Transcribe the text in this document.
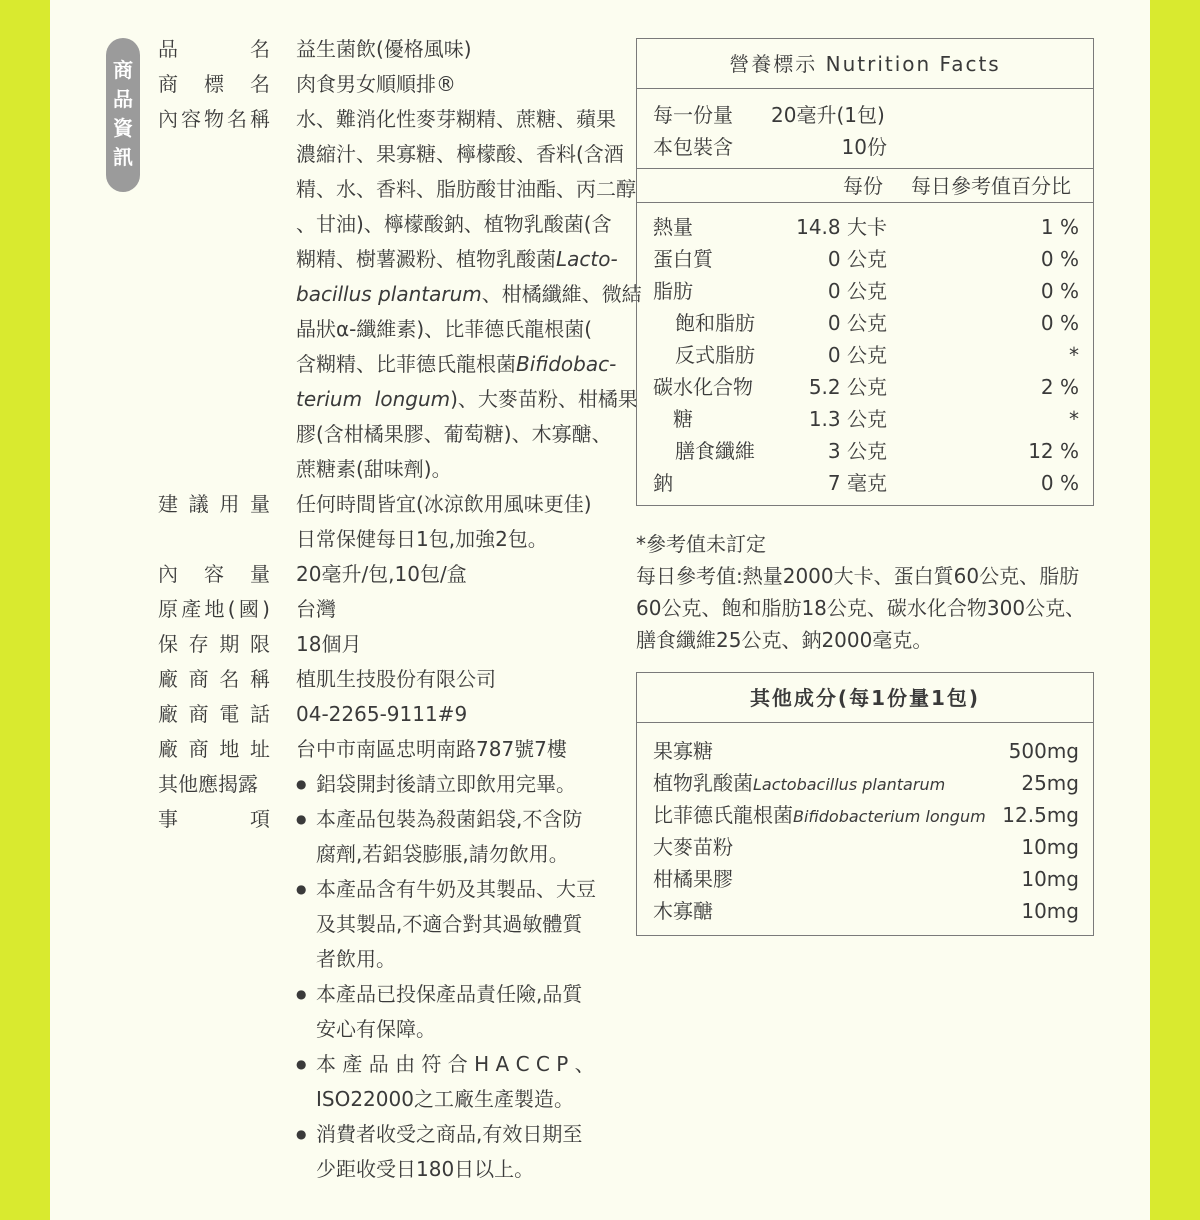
商
品
資
訊
品	名 益生菌飲(優格風味)
商 標 名 肉食男女順順排®
內 容 物 名 稱 水、難消化性麥芽糊精、蔗糖、蘋果
濃縮汁、果寡糖、檸檬酸、香料(含酒
精、水、香料、脂肪酸甘油酯、丙二醇
、甘油)、檸檬酸鈉、植物乳酸菌(含
糊精、樹薯澱粉、植物乳酸菌Lacto-
bacillus plantarum、柑橘纖維、微結
晶狀α-纖維素)、比菲德氏龍根菌(
含糊精、比菲德氏龍根菌Bifidobac-
terium  longum)、大麥苗粉、柑橘果
膠(含柑橘果膠、葡萄糖)、木寡醣、
蔗糖素(甜味劑)。
建 議 用 量 任何時間皆宜(冰涼飲用風味更佳)
日常保健每日1包,加強2包。
內 容 量 20毫升/包,10包/盒
原 產 地 ( 國 ) 台灣
保 存 期 限 18個月
廠 商 名 稱 植肌生技股份有限公司
廠 商 電 話 04-2265-9111#9
廠 商 地 址 台中市南區忠明南路787號7樓
其他應揭露
事	項
● 鋁袋開封後請立即飲用完畢。
● 本產品包裝為殺菌鋁袋,不含防
腐劑,若鋁袋膨脹,請勿飲用。
● 本產品含有牛奶及其製品、大豆
及其製品,不適合對其過敏體質
者飲用。
● 本產品已投保產品責任險,品質
安心有保障。
● 本 產 品 由 符 合 H A C C P 、
ISO22000之工廠生產製造。
● 消費者收受之商品,有效日期至
少距收受日180日以上。
營養標示 Nutrition Facts
每一份量	20毫升(1包)
本包裝含	10份
每份	每日參考值百分比
熱量	14.8 大卡	1 %
蛋白質	0 公克	0 %
脂肪	0 公克	0 %
飽和脂肪	0 公克	0 %
反式脂肪	0 公克	*
碳水化合物	5.2 公克	2 %
糖	1.3 公克	*
膳食纖維	3 公克	12 %
鈉	7 毫克	0 %
*參考值未訂定
每日參考值:熱量2000大卡、蛋白質60公克、脂肪
60公克、飽和脂肪18公克、碳水化合物300公克、
膳食纖維25公克、鈉2000毫克。
其他成分(每1份量1包)
果寡糖	500mg
植物乳酸菌Lactobacillus plantarum	25mg
比菲德氏龍根菌Bifidobacterium longum 12.5mg
大麥苗粉	10mg
柑橘果膠	10mg
木寡醣	10mg
